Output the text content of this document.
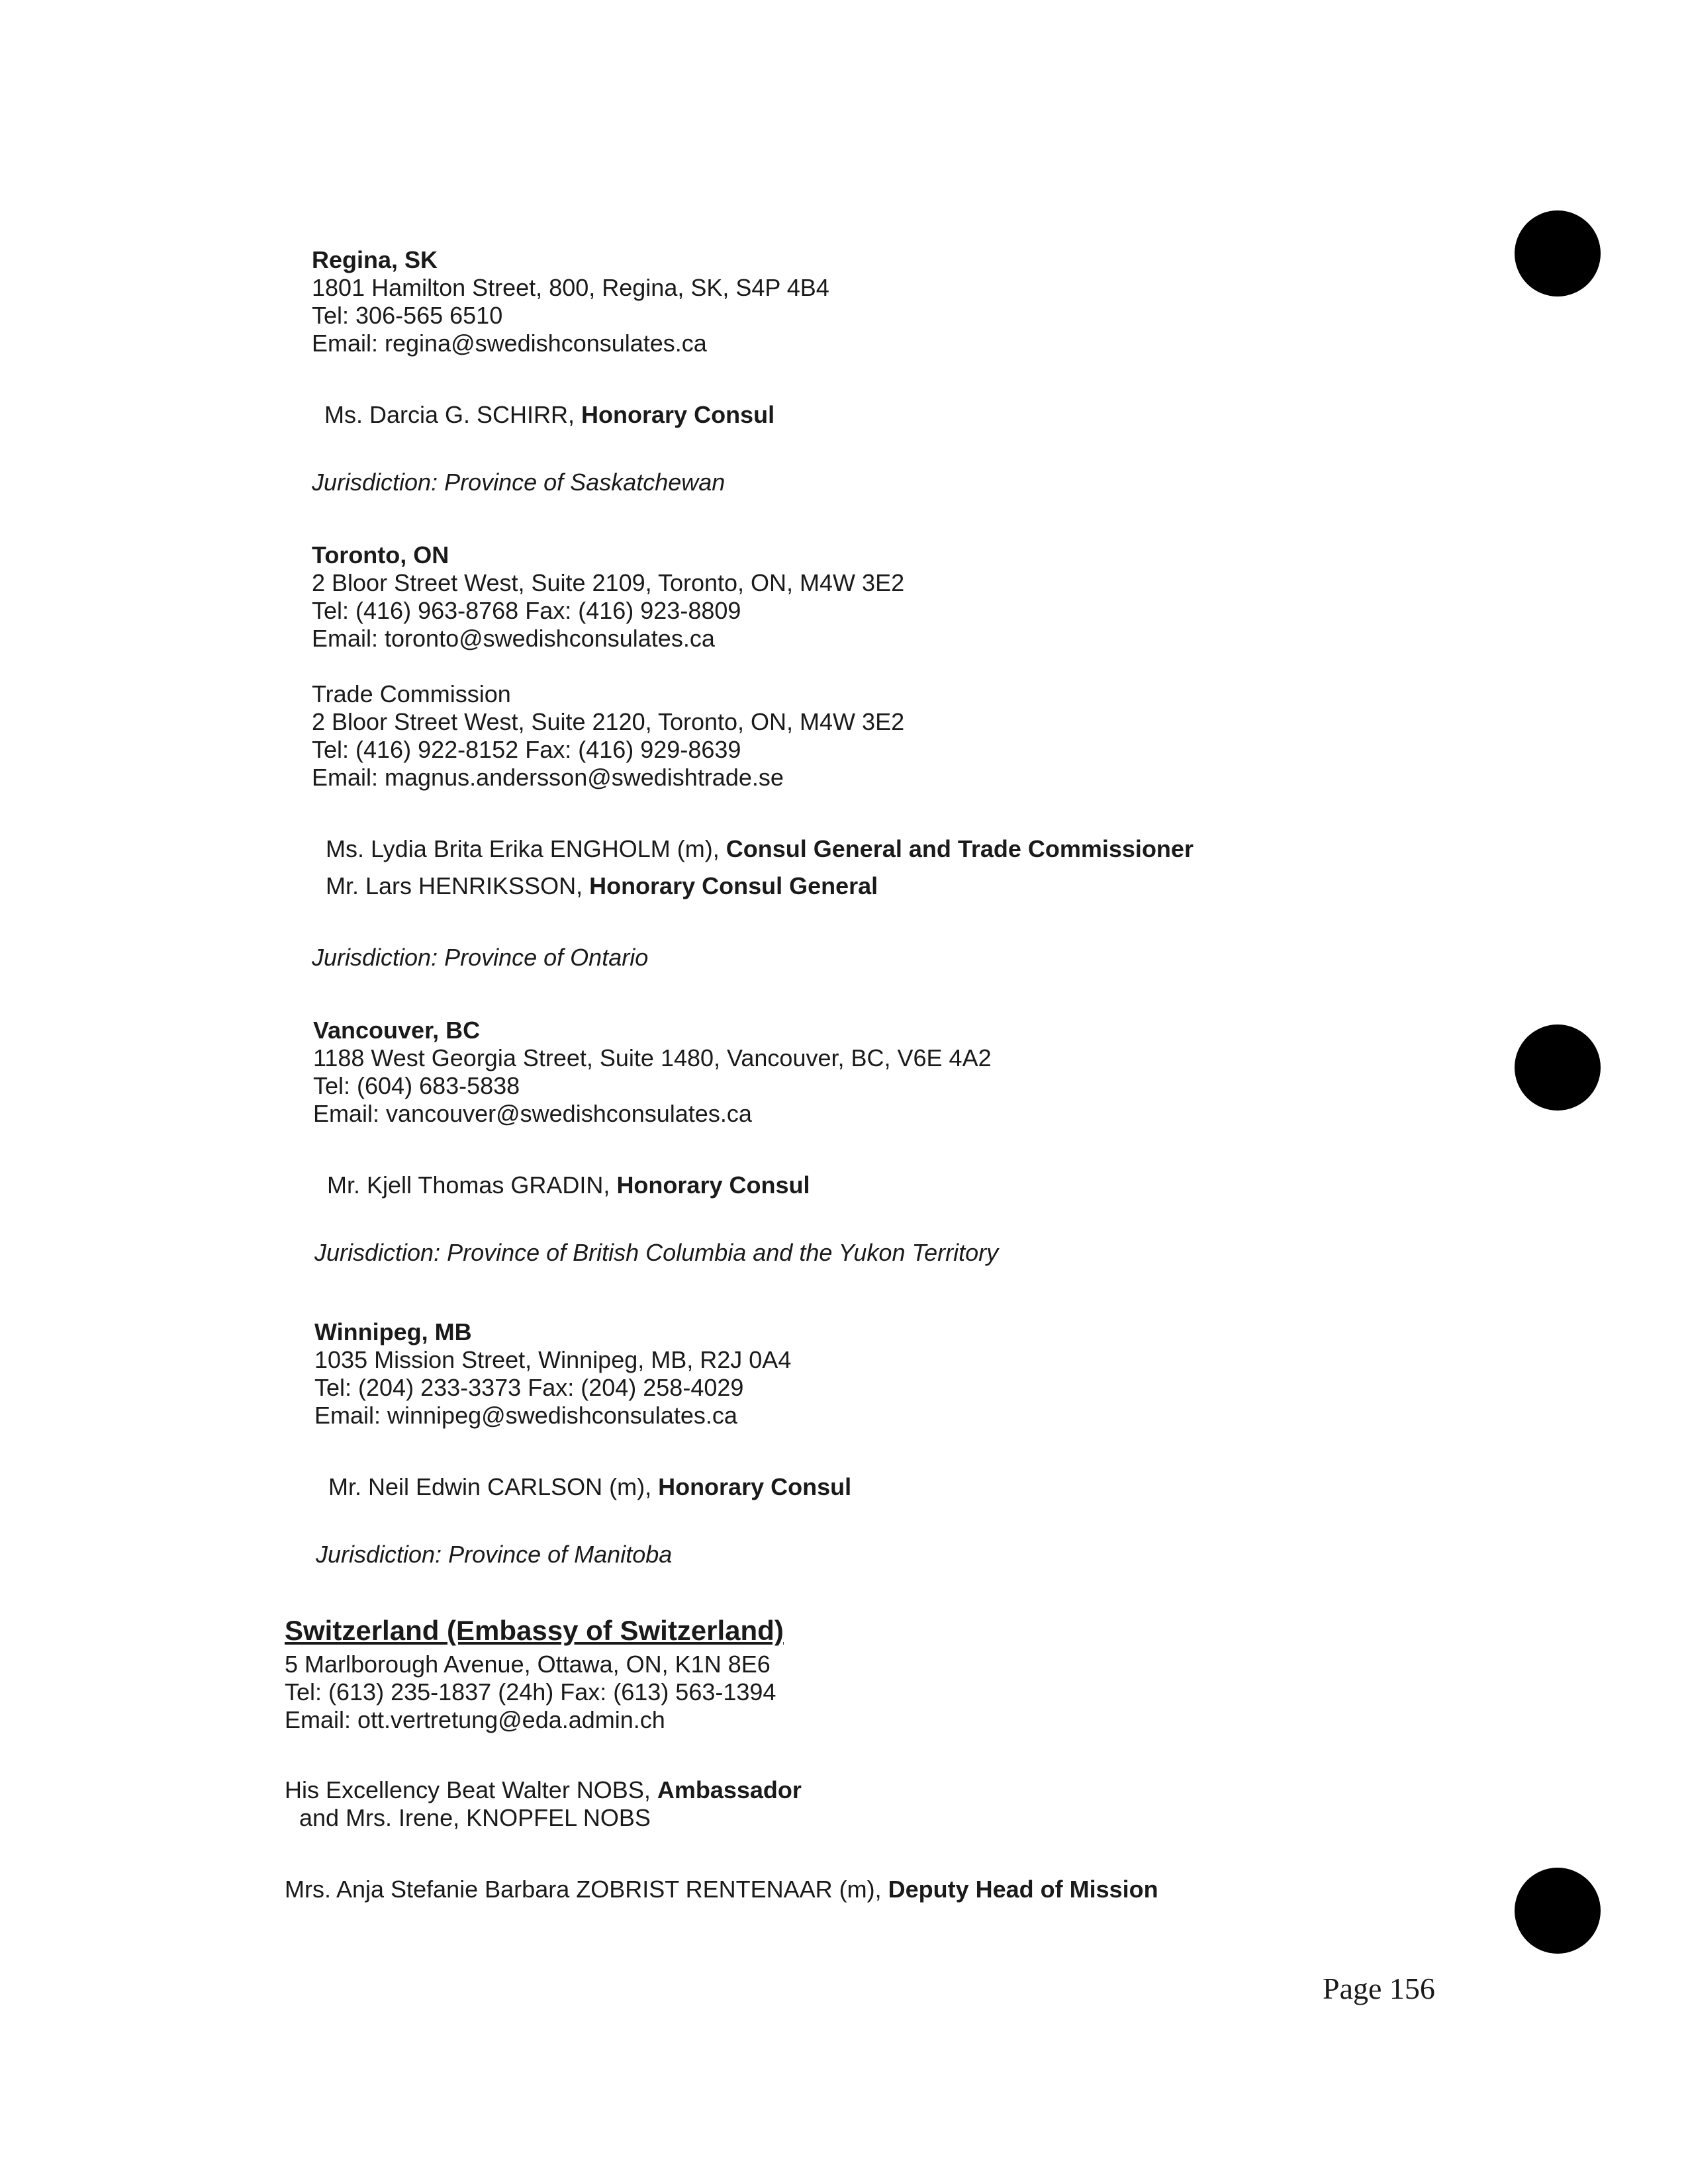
Regina, SK
1801 Hamilton Street, 800, Regina, SK, S4P 4B4
Tel: 306-565 6510
Email: regina@swedishconsulates.ca
Ms. Darcia G. SCHIRR, Honorary Consul
Jurisdiction: Province of Saskatchewan
Toronto, ON
2 Bloor Street West, Suite 2109, Toronto, ON, M4W 3E2
Tel: (416) 963-8768 Fax: (416) 923-8809
Email: toronto@swedishconsulates.ca
Trade Commission
2 Bloor Street West, Suite 2120, Toronto, ON, M4W 3E2
Tel: (416) 922-8152 Fax: (416) 929-8639
Email: magnus.andersson@swedishtrade.se
Ms. Lydia Brita Erika ENGHOLM (m), Consul General and Trade Commissioner
Mr. Lars HENRIKSSON, Honorary Consul General
Jurisdiction: Province of Ontario
Vancouver, BC
1188 West Georgia Street, Suite 1480, Vancouver, BC, V6E 4A2
Tel: (604) 683-5838
Email: vancouver@swedishconsulates.ca
Mr. Kjell Thomas GRADIN, Honorary Consul
Jurisdiction: Province of British Columbia and the Yukon Territory
Winnipeg, MB
1035 Mission Street, Winnipeg, MB, R2J 0A4
Tel: (204) 233-3373 Fax: (204) 258-4029
Email: winnipeg@swedishconsulates.ca
Mr. Neil Edwin CARLSON (m), Honorary Consul
Jurisdiction: Province of Manitoba
Switzerland (Embassy of Switzerland)
5 Marlborough Avenue, Ottawa, ON, K1N 8E6
Tel: (613) 235-1837 (24h) Fax: (613) 563-1394
Email: ott.vertretung@eda.admin.ch
His Excellency Beat Walter NOBS, Ambassador
and Mrs. Irene, KNOPFEL NOBS
Mrs. Anja Stefanie Barbara ZOBRIST RENTENAAR (m), Deputy Head of Mission
Page 156
